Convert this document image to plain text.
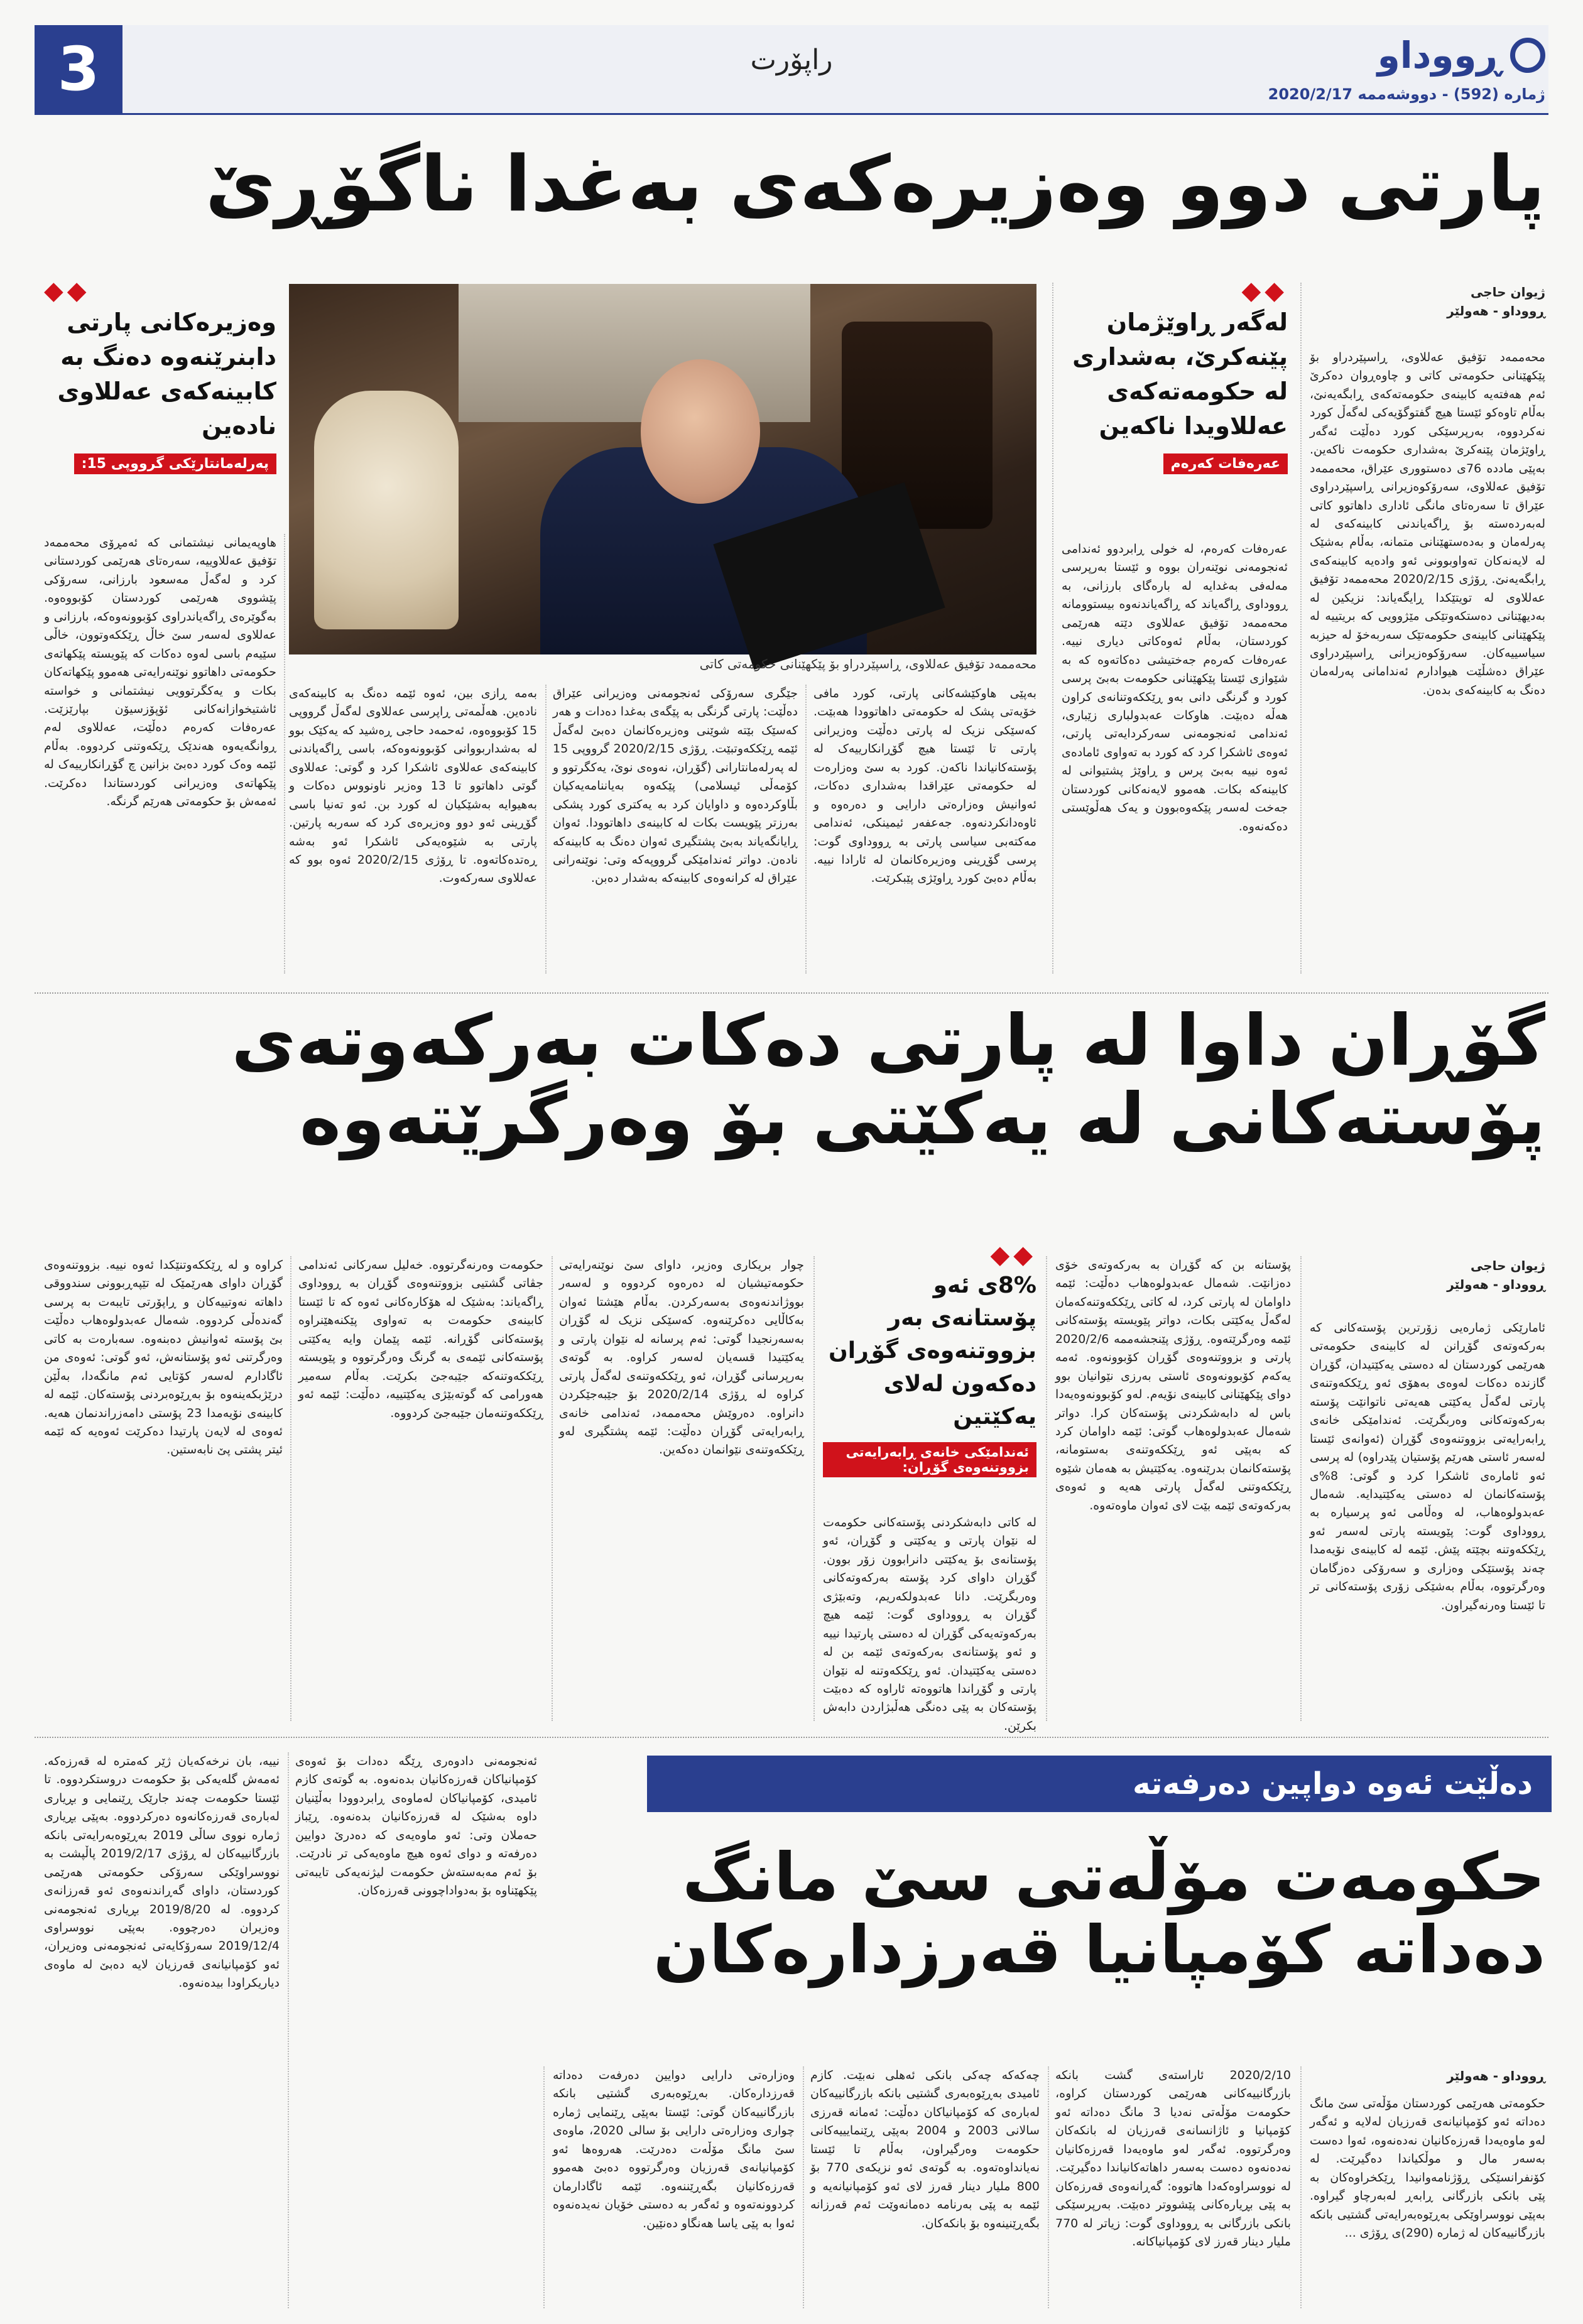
3	راپۆرت	ڕووداو
ژمارە (592) - دووشەممە 2020/2/17
پارتی دوو وەزیرەکەی بەغدا ناگۆڕێ
ژیوان حاجی
ڕووداو - هەولێر
محەممەد تۆفیق عەللاوی، ڕاسپێردراو بۆ پێکهێنانی حکومەتی کاتی و چاوەڕوان دەکرێ ئەم هەفتەیە کابینەی حکومەتەکەی ڕابگەیەنێ، بەڵام تاوەکو ئێستا هیچ گفتوگۆیەکی لەگەڵ کورد نەکردووە، بەرپرسێکی کورد دەڵێت ئەگەر ڕاوێژمان پێنەکرێ بەشداری حکومەت ناکەین. بەپێی ماددە 76ی دەستووری عێراق، محەممەد تۆفیق عەللاوی، سەرۆکوەزیرانی ڕاسپێردراوی عێراق تا سەرەتای مانگی ئاداری داهاتوو کاتی لەبەردەستە بۆ ڕاگەیاندنی کابینەکەی لە پەرلەمان و بەدەستهێنانی متمانە، بەڵام بەشێک لە لایەنەکان تەواوبوونی ئەو وادەیە کابینەکەی ڕابگەیەنێ. ڕۆژی 2020/2/15 محەممەد تۆفیق عەللاوی لە تویتێکدا ڕایگەیاند: نزیکین لە بەدیهێنانی دەستکەوتێکی مێژوویی کە بریتییە لە پێکهێنانی کابینەی حکومەتێک سەربەخۆ لە حیزبە سیاسییەکان. سەرۆکوەزیرانی ڕاسپێردراوی عێراق دەشڵێت هیوادارم ئەندامانی پەرلەمان دەنگ بە کابینەکەی بدەن.
◆◆
لەگەر ڕاوێژمان پێنەکرێ، بەشداری لە حکومەتەکەی عەللاویدا ناکەین
عەرەفات کەرەم
عەرەفات کەرەم، لە خولی ڕابردوو ئەندامی ئەنجومەنی نوێنەران بووە و ئێستا بەرپرسی مەلەفی بەغدایە لە بارەگای بارزانی، بە ڕووداوی ڕاگەیاند کە ڕاگەیاندنەوە بیستوومانە محەممەد تۆفیق عەللاوی دێتە هەرێمی کوردستان، بەڵام ئەوەکاتی دیاری نییە. عەرەفات کەرەم جەختیشی دەکاتەوە کە بە شێوازی ئێستا پێکهێنانی حکومەت بەبێ پرسی کورد و گرنگی دانی بەو ڕێککەوتنانەی کراون هەڵە دەبێت. هاوکات عەبدولباری زێباری، ئەندامی ئەنجومەنی سەرکردایەتی پارتی، ئەوەی ئاشکرا کرد کە کورد بە تەواوی ئامادەی ئەوە نییە بەبێ پرس و ڕاوێژ پشتیوانی لە کابینەکە بکات. هەموو لایەنەکانی کوردستان جەخت لەسەر پێکەوەبوون و یەک هەڵوێستی دەکەنەوە.
محەممەد تۆفیق عەللاوی، ڕاسپێردراو بۆ پێکهێنانی حکومەتی کاتی
◆◆
وەزیرەکانی پارتی دابنرێنەوە دەنگ بە کابینەکەی عەللاوی نادەین
پەرلەمانتارێکی گرووپی 15:
بەپێی هاوکێشەکانی پارتی، کورد مافی خۆیەتی پشک لە حکومەتی داهاتوودا هەبێت. کەسێکی نزیک لە پارتی دەڵێت وەزیرانی پارتی تا ئێستا هیچ گۆڕانکارییەک لە پۆستەکانیاندا ناکەن. کورد بە سێ وەزارەت لە حکومەتی عێراقدا بەشداری دەکات، ئەوانیش وەزارەتی دارایی و دەرەوە و ئاوەدانکردنەوە. جەعفەر ئیمینکی، ئەندامی مەکتەبی سیاسی پارتی بە ڕووداوی گوت: پرسی گۆڕینی وەزیرەکانمان لە ئارادا نییە. بەڵام دەبێ کورد ڕاوێژی پێبکرێت.
جێگری سەرۆکی ئەنجومەنی وەزیرانی عێراق دەڵێت: پارتی گرنگی بە پێگەی بەغدا دەدات و هەر کەسێک بێتە شوێنی وەزیرەکانمان دەبێ لەگەڵ ئێمە ڕێککەوتبێت. ڕۆژی 2020/2/15 گرووپی 15 لە پەرلەمانتارانی (گۆڕان، نەوەی نوێ، یەکگرتوو و کۆمەڵی ئیسلامی) پێکەوە بەیاننامەیەکیان بڵاوکردەوە و داوایان کرد بە یەکتری کورد پشکی بەرزتر پێویست بکات لە کابینەی داهاتوودا. ئەوان ڕایانگەیاند بەبێ پشتگیری ئەوان دەنگ بە کابینەکە نادەن. دواتر ئەندامێکی گرووپەکە وتی: نوێنەرانی عێراق لە کرانەوەی کابینەکە بەشدار دەبن.
بەمە ڕازی بین، ئەوە ئێمە دەنگ بە کابینەکەی نادەین. هەڵمەتی ڕاپرسی عەللاوی لەگەڵ گرووپی 15 کۆبووەوە، ئەحمەد حاجی ڕەشید کە یەکێک بوو لە بەشداربووانی کۆبوونەوەکە، باسی ڕاگەیاندنی کابینەکەی عەللاوی ئاشکرا کرد و گوتی: عەللاوی گوتی داهاتوو تا 13 وەزیر ناونووس دەکات و بەهیوایە بەشێکیان لە کورد بن. ئەو تەنیا باسی گۆڕینی ئەو دوو وەزیرەی کرد کە سەربە پارتین. پارتی بە شێوەیەکی ئاشکرا ئەو بەشە ڕەتدەکاتەوە. تا ڕۆژی 2020/2/15 ئەوە بوو کە عەللاوی سەرکەوت.
هاوپەیمانی نیشتمانی کە ئەمڕۆی محەممەد تۆفیق عەللاوییە، سەرەتای هەرێمی کوردستانی کرد و لەگەڵ مەسعود بارزانی، سەرۆکی پێشووی هەرێمی کوردستان کۆبووەوە. بەگوێرەی ڕاگەیاندراوی کۆبوونەوەکە، بارزانی و عەللاوی لەسەر سێ خاڵ ڕێککەوتوون، خاڵی سێیەم باسی لەوە دەکات کە پێویستە پێکهاتەی حکومەتی داهاتوو نوێنەرایەتی هەموو پێکهاتەکان بکات و یەکگرتوویی نیشتمانی و خواستە ئاشتیخوازانەکانی ئۆپۆزسیۆن بپارێزێت. عەرەفات کەرەم دەڵێت، عەللاوی لەم ڕوانگەیەوە هەندێک ڕێکەوتنی کردووە. بەڵام ئێمە وەک کورد دەبێ بزانین چ گۆڕانکارییەک لە پێکهاتەی وەزیرانی کوردستاندا دەکرێت. ئەمەش بۆ حکومەتی هەرێم گرنگە.
گۆڕان داوا لە پارتی دەکات بەرکەوتەی
پۆستەکانی لە یەکێتی بۆ وەرگرێتەوە
ژیوان حاجی
ڕووداو - هەولێر
ئامارێکی ژمارەیی زۆرترین پۆستەکانی کە بەرکەوتەی گۆڕانن لە کابینەی حکومەتی هەرێمی کوردستان لە دەستی یەکێتیدان، گۆڕان گازندە دەکات لەوەی بەهۆی ئەو ڕێککەوتنەی پارتی لەگەڵ یەکێتی هەیەتی ناتوانێت پۆستە بەرکەوتەکانی وەربگرێت. ئەندامێکی خانەی ڕابەرایەتی بزووتنەوەی گۆڕان (ئەوانەی ئێستا لەسەر ئاستی هەرێم پۆستیان پێدراوە) لە پرسی ئەو ئامارەی ئاشکرا کرد و گوتی: 8%ی پۆستەکانمان لە دەستی یەکێتیدایە. شەمال عەبدولوەهاب، لە وەڵامی ئەو پرسیارە بە ڕووداوی گوت: پێویستە پارتی لەسەر ئەو ڕێککەوتنە بچێتە پێش. ئێمە لە کابینەی نۆیەمدا چەند پۆستێکی وەزاری و سەرۆکی دەزگامان وەرگرتووە، بەڵام بەشێکی زۆری پۆستەکانی تر تا ئێستا وەرنەگیراون.
پۆستانە بن کە گۆڕان بە بەرکەوتەی خۆی دەزانێت. شەمال عەبدولوەهاب دەڵێت: ئێمە داوامان لە پارتی کرد، لە کاتی ڕێککەوتنەکەمان لەگەڵ یەکێتی بکات، دواتر پێویستە پۆستەکانی ئێمە وەرگرێتەوە. ڕۆژی پێنجشەممە 2020/2/6 پارتی و بزووتنەوەی گۆڕان کۆبوونەوە. ئەمە یەکەم کۆبوونەوەی ئاستی بەرزی نێوانیان بوو دوای پێکهێنانی کابینەی نۆیەم. لەو کۆبوونەوەیەدا باس لە دابەشکردنی پۆستەکان کرا. دواتر شەمال عەبدولوەهاب گوتی: ئێمە داوامان کرد کە بەپێی ئەو ڕێککەوتنەی بەستومانە، پۆستەکانمان بدرێنەوە. یەکێتیش بە هەمان شێوە ڕێککەوتنی لەگەڵ پارتی هەیە و ئەوەی بەرکەوتەی ئێمە بێت لای ئەوان ماوەتەوە.
◆◆
8%ی ئەو پۆستانەی بەر بزووتنەوەی گۆڕان دەکەون لەلای یەکێتین
ئەندامێکی خانەی ڕابەرایەتی بزووتنەوەی گۆڕان:
لە کاتی دابەشکردنی پۆستەکانی حکومەت لە نێوان پارتی و یەکێتی و گۆڕان، ئەو پۆستانەی بۆ یەکێتی دانرابوون زۆر بوون. گۆڕان داوای کرد پۆستە بەرکەوتەکانی وەربگرێت. دانا عەبدولکەریم، وتەبێژی گۆڕان بە ڕووداوی گوت: ئێمە هیچ بەرکەوتەیەکی گۆڕان لە دەستی پارتیدا نییە و ئەو پۆستانەی بەرکەوتەی ئێمە بن لە دەستی یەکێتیدان. ئەو ڕێککەوتنە لە نێوان پارتی و گۆڕاندا هاتووەتە ئاراوە کە دەبێت پۆستەکان بە پێی دەنگی هەڵبژاردن دابەش بکرێن.
چوار بریکاری وەزیر، داوای سێ نوێنەرایەتی حکومەتیشیان لە دەرەوە کردووە و لەسەر بووژاندنەوەی بەسەرکردن. بەڵام هێشتا ئەوان بەکاڵایی دەکرێنەوە. کەسێکی نزیک لە گۆڕان بەسەرنجیدا گوتی: ئەم پرسانە لە نێوان پارتی و یەکێتیدا قسەیان لەسەر کراوە. بە گوتەی بەرپرسانی گۆڕان، ئەو ڕێککەوتنەی لەگەڵ پارتی کراوە لە ڕۆژی 2020/2/14 بۆ جێبەجێکردن دانراوە. دەروێش محەممەد، ئەندامی خانەی ڕابەرایەتی گۆڕان دەڵێت: ئێمە پشتگیری لەو ڕێککەوتنەی نێوانمان دەکەین.
حکومەت وەرنەگرتووە. خەلیل سەرکانی ئەندامی جڤاتی گشتیی بزووتنەوەی گۆڕان بە ڕووداوی ڕاگەیاند: بەشێک لە هۆکارەکانی ئەوە کە تا ئێستا کابینەی حکومەت بە تەواوی پێکنەهێنراوە پۆستەکانی گۆڕانە. ئێمە پێمان وایە یەکێتی پۆستەکانی ئێمەی بە گرنگ وەرگرتووە و پێویستە ڕێککەوتنەکە جێبەجێ بکرێت. بەڵام سەمیر هەورامی کە گوتەبێژی یەکێتییە، دەڵێت: ئێمە ئەو ڕێککەوتنەمان جێبەجێ کردووە.
کراوە و لە ڕێککەوتنێکدا ئەوە نییە. بزووتنەوەی گۆڕان داوای هەرێمێک لە تێپەڕبوونی سندووقی داهاتە نەوتییەکان و ڕاپۆرتی تایبەت بە پرسی گەندەڵی کردووە. شەمال عەبدولوەهاب دەڵێت بێ پۆستە ئەوانیش دەبنەوە. سەبارەت بە کاتی وەرگرتنی ئەو پۆستانەش، ئەو گوتی: ئەوەی من ئاگادارم لەسەر کۆتایی ئەم مانگەدا، بەڵێن درێژبکەینەوە بۆ بەڕێوەبردنی پۆستەکان. ئێمە لە کابینەی نۆیەمدا 23 پۆستی دامەزراندنمان هەیە. ئەوەی لە لایەن پارتیدا دەکرێت ئەوەیە کە ئێمە ئیتر پشتی پێ نابەستین.
دەڵێت ئەوە دواپین دەرفەتە
حکومەت مۆڵەتی سێ مانگ
دەداتە کۆمپانیا قەرزدارەکان
ڕووداو - هەولێر
حکومەتی هەرێمی کوردستان مۆڵەتی سێ مانگ دەداتە ئەو کۆمپانیانەی قەرزیان لەلایە و ئەگەر لەو ماوەیەدا قەرزەکانیان نەدەنەوە، ئەوا دەست بەسەر مال و موڵکیاندا دەگیرێت. لە کۆنفرانسێکی ڕۆژنامەوانیدا ڕێکخراوەکان بە پێی بانکی بازرگانی ڕابەڕ لەبەرچاو گیراوە. بەپێی نووسراوێکی بەڕێوەبەرایەتی گشتیی بانکە بازرگانییەکان لە ژمارە (290)ی ڕۆژی ...
2020/2/10 ئاراستەی گشت بانکە بازرگانییەکانی هەرێمی کوردستان کراوە، حکومەت مۆڵەتی نەدیا 3 مانگ دەداتە ئەو کۆمپانیا و ئاژانسانەی قەرزیان لە بانکەکان وەرگرتووە. ئەگەر لەو ماوەیەدا قەرزەکانیان نەدەنەوە دەست بەسەر داهاتەکانیاندا دەگیرێت. لە نووسراوەکەدا هاتووە: گەڕانەوەی قەرزەکان بە پێی بڕیارەکانی پێشووتر دەبێت. بەرپرسێکی بانکی بازرگانی بە ڕووداوی گوت: زیاتر لە 770 ملیار دینار قەرز لای کۆمپانیاکانە.
چەکەکە چەکی بانکی ئەهلی نەبێت. کازم ئامیدی بەڕێوەبەری گشتیی بانکە بازرگانییەکان لەبارەی کە کۆمپانیاکان دەڵێت: ئەمانە قەرزی سالانی 2003 و 2004 بەپێی ڕێنمایییەکانی حکومەت وەرگیراون، بەڵام تا ئێستا نەیانداوەتەوە. بە گوتەی ئەو نزیکەی 770 بۆ 800 ملیار دینار قەرز لای ئەو کۆمپانیانەیە و ئێمە بە پێی بەرنامە دەمانەوێت ئەم قەرزانە بگەڕێنینەوە بۆ بانکەکان.
وەزارەتی دارایی دوایین دەرفەت دەداتە قەرزدارەکان. بەڕێوەبەری گشتیی بانکە بازرگانییەکان گوتی: ئێستا بەپێی ڕێنمایی ژمارە چواری وەزارەتی دارایی بۆ سالی 2020، ماوەی سێ مانگ مۆڵەت دەدرێت. هەروەها ئەو کۆمپانیانەی قەرزیان وەرگرتووە دەبێ هەموو قەرزەکانیان بگەڕێننەوە. ئێمە ئاگادارمان کردوونەتەوە و ئەگەر بە دەستی خۆیان نەیدەنەوە ئەوا بە پێی یاسا هەنگاو دەنێین.
ئەنجومەنی دادوەری ڕێگە دەدات بۆ ئەوەی کۆمپانیاکان قەرزەکانیان بدەنەوە. بە گوتەی کازم ئامیدی، کۆمپانیاکان لەماوەی ڕابردوودا بەڵێنیان داوە بەشێک لە قەرزەکانیان بدەنەوە. ڕێباز حەملان وتی: ئەو ماوەیەی کە دەدرێ دوایین دەرفەتە و دوای ئەوە هیچ ماوەیەکی تر نادرێت. بۆ ئەم مەبەستەش حکومەت لیژنەیەکی تایبەتی پێکهێناوە بۆ بەدواداچوونی قەرزەکان.
نییە، بان نرخەکەیان ژێر کەمترە لە قەرزەکە. ئەمەش گلەیەکی بۆ حکومەت دروستکردووە. تا ئێستا حکومەت چەند جارێک ڕێنمایی و بڕیاری لەبارەی قەرزەکانەوە دەرکردووە. بەپێی بڕیاری ژمارە نووی ساڵی 2019 بەڕێوەبەرایەتی بانکە بازرگانییەکان لە ڕۆژی 2019/2/17 پاڵپشت بە نووسراوێکی سەرۆکی حکومەتی هەرێمی کوردستان، داوای گەڕاندنەوەی ئەو قەرزانەی کردووە. لە 2019/8/20 بڕیاری ئەنجومەنی وەزیران دەرچووە. بەپێی نووسراوی 2019/12/4 سەرۆکایەتی ئەنجومەنی وەزیران، ئەو کۆمپانیانەی قەرزیان لایە دەبێ لە ماوەی دیاریکراودا بیدەنەوە.
